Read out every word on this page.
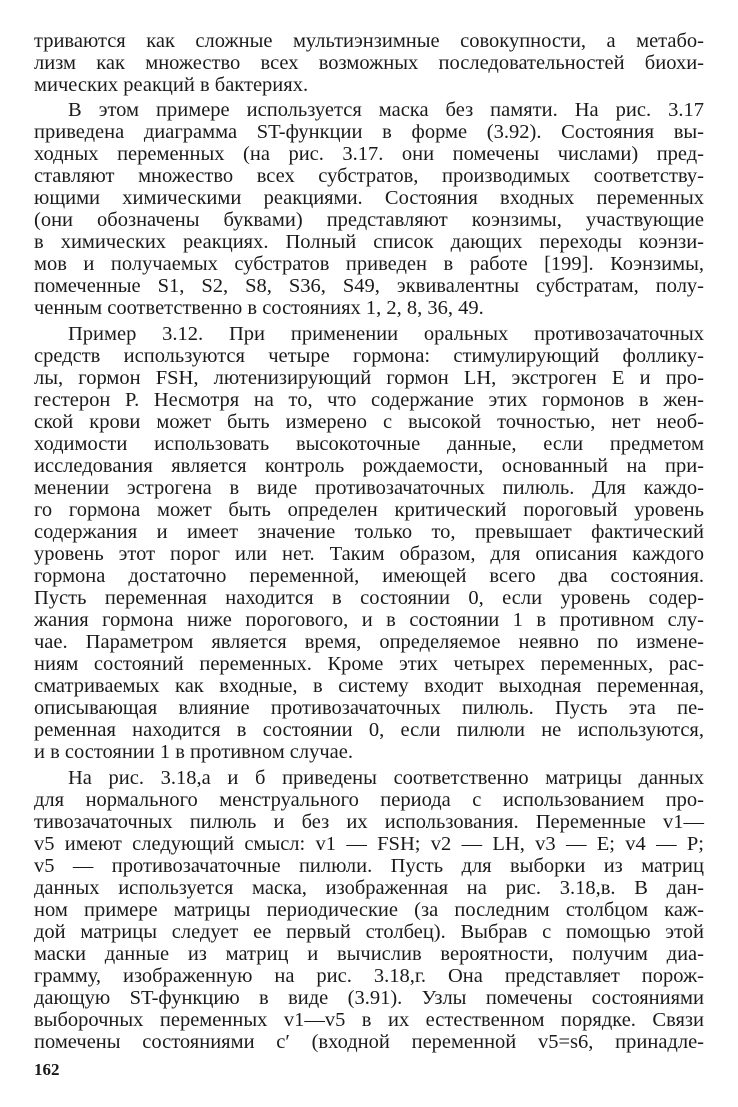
триваются как сложные мультиэнзимные совокупности, а метабо-
лизм как множество всех возможных последовательностей биохи-
мических реакций в бактериях.
В этом примере используется маска без памяти. На рис. 3.17
приведена диаграмма ST-функции в форме (3.92). Состояния вы-
ходных переменных (на рис. 3.17. они помечены числами) пред-
ставляют множество всех субстратов, производимых соответству-
ющими химическими реакциями. Состояния входных переменных
(они обозначены буквами) представляют коэнзимы, участвующие
в химических реакциях. Полный список дающих переходы коэнзи-
мов и получаемых субстратов приведен в работе [199]. Коэнзимы,
помеченные S1, S2, S8, S36, S49, эквивалентны субстратам, полу-
ченным соответственно в состояниях 1, 2, 8, 36, 49.
Пример 3.12. При применении оральных противозачаточных
средств используются четыре гормона: стимулирующий фоллику-
лы, гормон FSH, лютенизирующий гормон LH, экстроген E и про-
гестерон P. Несмотря на то, что содержание этих гормонов в жен-
ской крови может быть измерено с высокой точностью, нет необ-
ходимости использовать высокоточные данные, если предметом
исследования является контроль рождаемости, основанный на при-
менении эстрогена в виде противозачаточных пилюль. Для каждо-
го гормона может быть определен критический пороговый уровень
содержания и имеет значение только то, превышает фактический
уровень этот порог или нет. Таким образом, для описания каждого
гормона достаточно переменной, имеющей всего два состояния.
Пусть переменная находится в состоянии 0, если уровень содер-
жания гормона ниже порогового, и в состоянии 1 в противном слу-
чае. Параметром является время, определяемое неявно по измене-
ниям состояний переменных. Кроме этих четырех переменных, рас-
сматриваемых как входные, в систему входит выходная переменная,
описывающая влияние противозачаточных пилюль. Пусть эта пе-
ременная находится в состоянии 0, если пилюли не используются,
и в состоянии 1 в противном случае.
На рис. 3.18,а и б приведены соответственно матрицы данных
для нормального менструального периода с использованием про-
тивозачаточных пилюль и без их использования. Переменные v1—
v5 имеют следующий смысл: v1 — FSH; v2 — LH, v3 — E; v4 — P;
v5 — противозачаточные пилюли. Пусть для выборки из матриц
данных используется маска, изображенная на рис. 3.18,в. В дан-
ном примере матрицы периодические (за последним столбцом каж-
дой матрицы следует ее первый столбец). Выбрав с помощью этой
маски данные из матриц и вычислив вероятности, получим диа-
грамму, изображенную на рис. 3.18,г. Она представляет порож-
дающую ST-функцию в виде (3.91). Узлы помечены состояниями
выборочных переменных v1—v5 в их естественном порядке. Связи
помечены состояниями c′ (входной переменной v5=s6, принадле-
162
